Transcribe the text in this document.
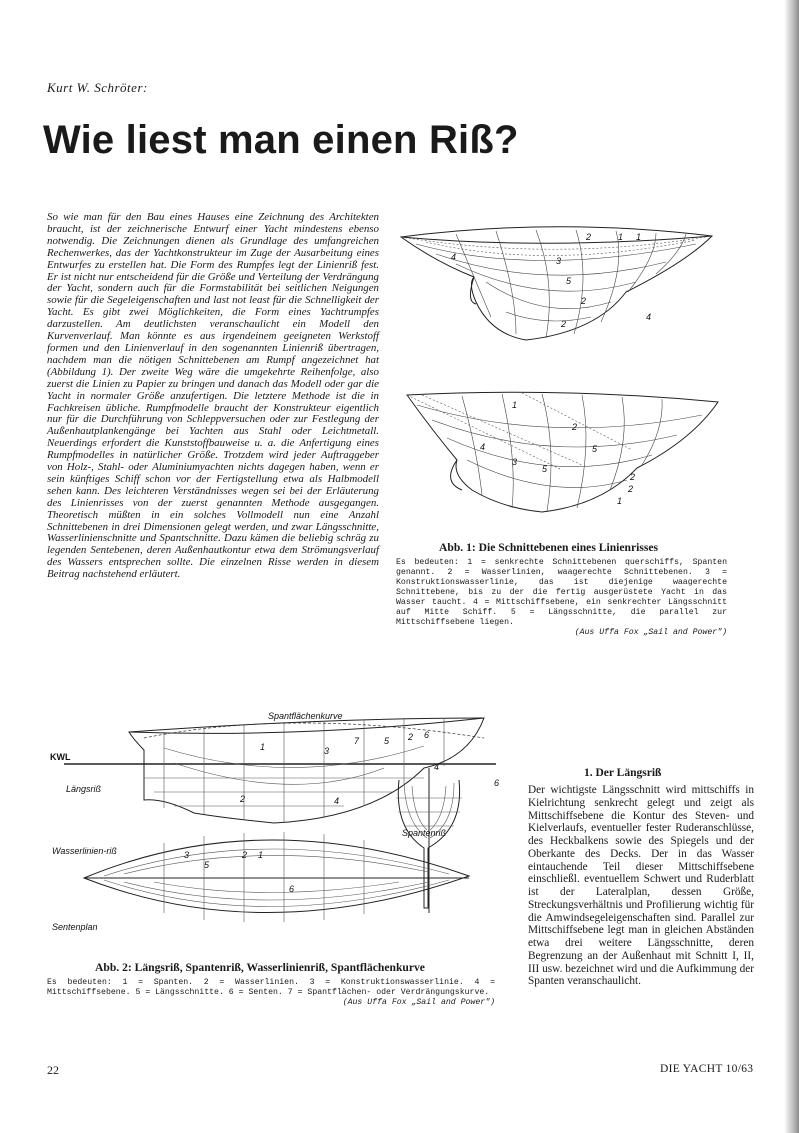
Kurt W. Schröter:
Wie liest man einen Riß?

So wie man für den Bau eines Hauses eine Zeichnung des Architekten braucht, ist der zeichnerische Entwurf einer Yacht mindestens ebenso notwendig. Die Zeichnungen dienen als Grundlage des umfangreichen Rechenwerkes, das der Yachtkonstrukteur im Zuge der Ausarbeitung eines Entwurfes zu erstellen hat. Die Form des Rumpfes legt der Linienriß fest. Er ist nicht nur entscheidend für die Größe und Verteilung der Verdrängung der Yacht, sondern auch für die Formstabilität bei seitlichen Neigungen sowie für die Segeleigenschaften und last not least für die Schnelligkeit der Yacht. Es gibt zwei Möglichkeiten, die Form eines Yachtrumpfes darzustellen. Am deutlichsten veranschaulicht ein Modell den Kurvenverlauf. Man könnte es aus irgendeinem geeigneten Werkstoff formen und den Linienverlauf in den sogenannten Linienriß übertragen, nachdem man die nötigen Schnittebenen am Rumpf angezeichnet hat (Abbildung 1). Der zweite Weg wäre die umgekehrte Reihenfolge, also zuerst die Linien zu Papier zu bringen und danach das Modell oder gar die Yacht in normaler Größe anzufertigen. Die letztere Methode ist die in Fachkreisen übliche. Rumpfmodelle braucht der Konstrukteur eigentlich nur für die Durchführung von Schleppversuchen oder zur Festlegung der Außenhautplankengänge bei Yachten aus Stahl oder Leichtmetall. Neuerdings erfordert die Kunststoffbauweise u. a. die Anfertigung eines Rumpfmodelles in natürlicher Größe. Trotzdem wird jeder Auftraggeber von Holz-, Stahl- oder Aluminiumyachten nichts dagegen haben, wenn er sein künftiges Schiff schon vor der Fertigstellung etwa als Halbmodell sehen kann. Des leichteren Verständnisses wegen sei bei der Erläuterung des Linienrisses von der zuerst genannten Methode ausgegangen. Theoretisch müßten in ein solches Vollmodell nun eine Anzahl Schnittebenen in drei Dimensionen gelegt werden, und zwar Längsschnitte, Wasserlinienschnitte und Spantschnitte. Dazu kämen die beliebig schräg zu legenden Sentebenen, deren Außenhautkontur etwa dem Strömungsverlauf des Wassers entsprechen sollte. Die einzelnen Risse werden in diesem Beitrag nachstehend erläutert.

2	1 1
3
4
5
2
2
4
1
2
4
3
5
5
2
2
1
Abb. 1: Die Schnittebenen eines Linienrisses

Es bedeuten: 1 = senkrechte Schnittebenen querschiffs, Spanten genannt. 2 = Wasserlinien, waagerechte Schnittebenen. 3 = Konstruktionswasserlinie, das ist diejenige waagerechte Schnittebene, bis zu der die fertig ausgerüstete Yacht in das Wasser taucht. 4 = Mittschiffsebene, ein senkrechter Längsschnitt auf Mitte Schiff. 5 = Längsschnitte, die parallel zur Mittschiffsebene liegen.
(Aus Uffa Fox „Sail and Power")

Spantflächenkurve
KWL
Längsriß
1	3
7	5 2 6
2	4
4
6
Spantenriß
Wasserlinien-riß	3
5
2 1
6
Sentenplan
Abb. 2: Längsriß, Spantenriß, Wasserlinienriß, Spantflächenkurve

Es bedeuten: 1 = Spanten. 2 = Wasserlinien. 3 = Konstruktionswasserlinie. 4 = Mittschiffsebene. 5 = Längsschnitte. 6 = Senten. 7 = Spantflächen- oder Verdrängungskurve.
(Aus Uffa Fox „Sail and Power")

1. Der Längsriß

Der wichtigste Längsschnitt wird mittschiffs in Kielrichtung senkrecht gelegt und zeigt als Mittschiffsebene die Kontur des Steven- und Kielverlaufs, eventueller fester Ruderanschlüsse, des Heckbalkens sowie des Spiegels und der Oberkante des Decks. Der in das Wasser eintauchende Teil dieser Mittschiffsebene einschließl. eventuellem Schwert und Ruderblatt ist der Lateralplan, dessen Größe, Streckungsverhältnis und Profilierung wichtig für die Amwindsegeleigenschaften sind. Parallel zur Mittschiffsebene legt man in gleichen Abständen etwa drei weitere Längsschnitte, deren Begrenzung an der Außenhaut mit Schnitt I, II, III usw. bezeichnet wird und die Aufkimmung der Spanten veranschaulicht.

22	DIE YACHT 10/63
